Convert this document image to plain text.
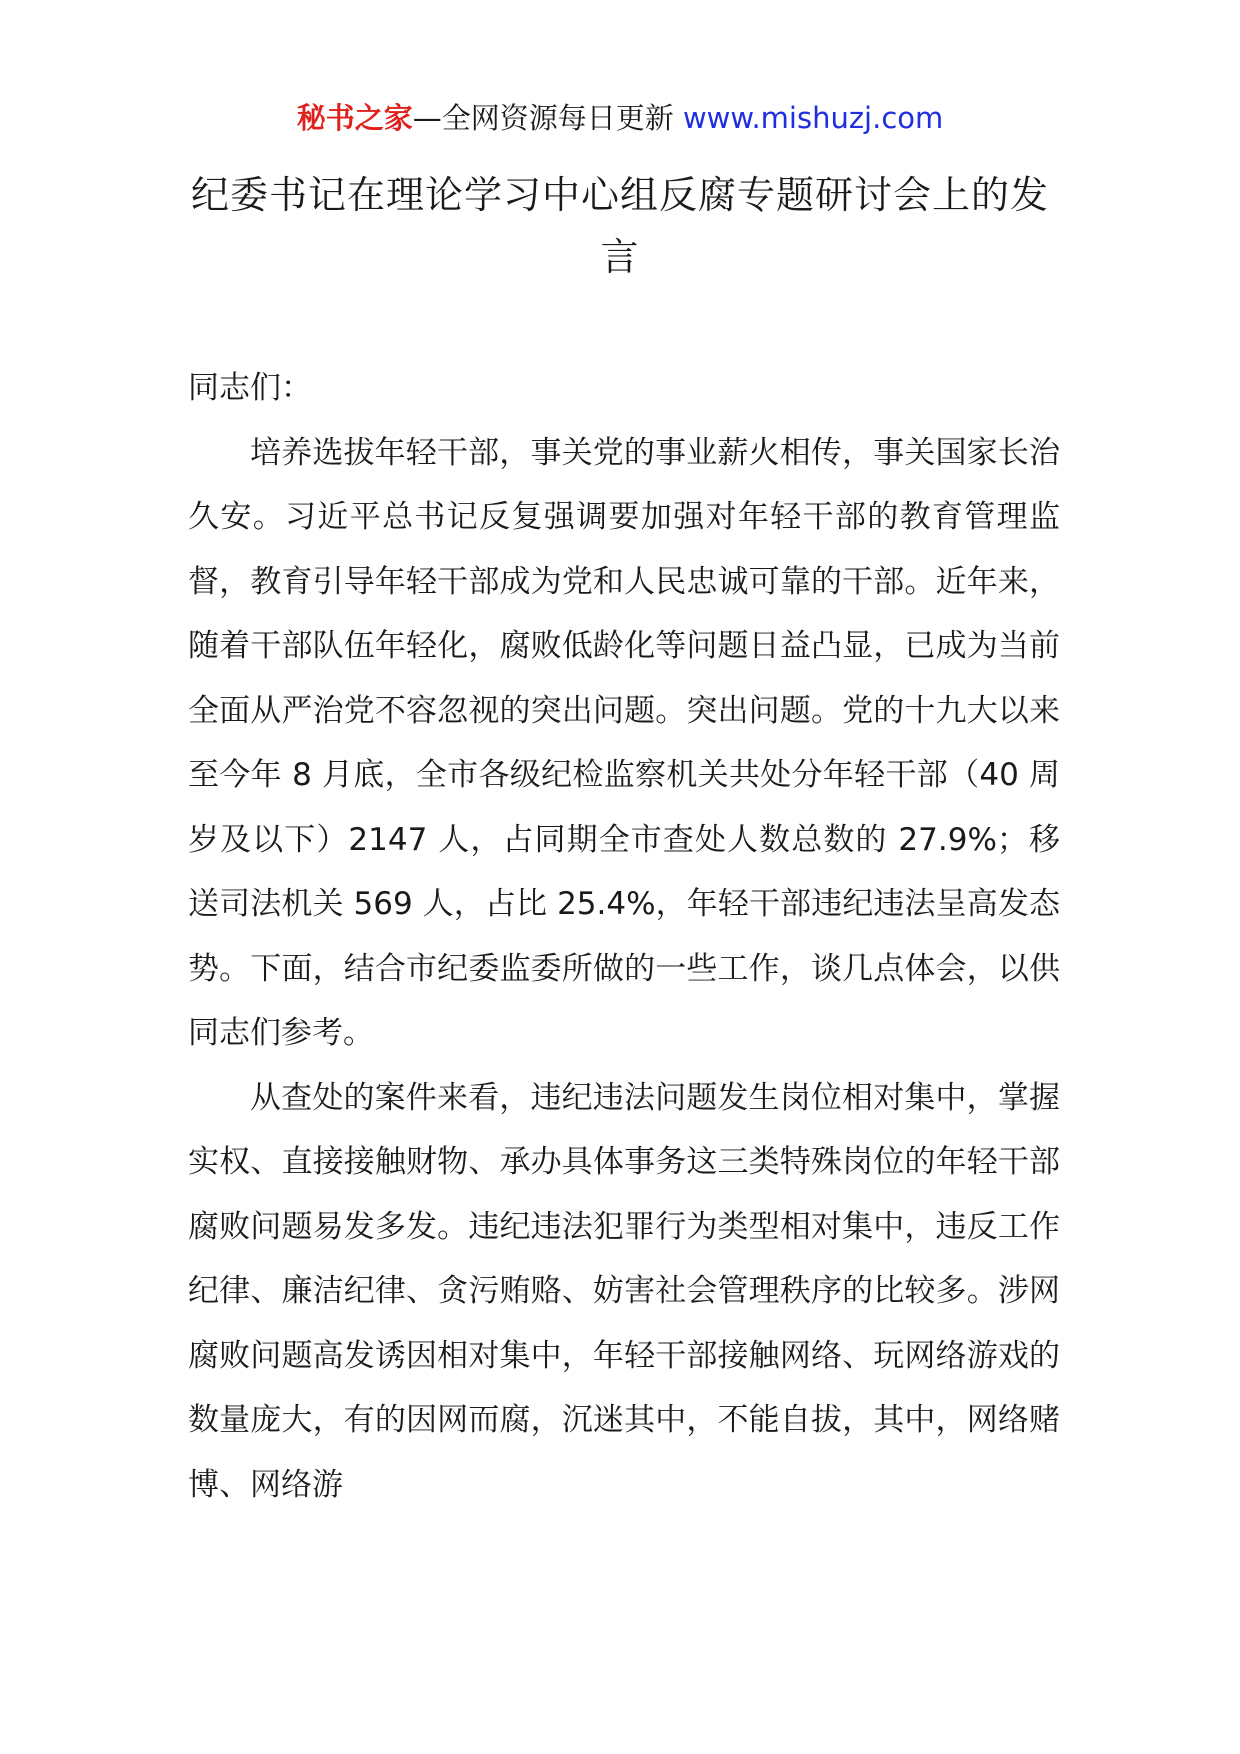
秘书之家—全网资源每日更新 www.mishuzj.com
纪委书记在理论学习中心组反腐专题研讨会上的发言

同志们：

培养选拔年轻干部，事关党的事业薪火相传，事关国家长治久安。习近平总书记反复强调要加强对年轻干部的教育管理监督，教育引导年轻干部成为党和人民忠诚可靠的干部。近年来，随着干部队伍年轻化，腐败低龄化等问题日益凸显，已成为当前全面从严治党不容忽视的突出问题。突出问题。党的十九大以来至今年 8 月底，全市各级纪检监察机关共处分年轻干部（40 周岁及以下）2147 人，占同期全市查处人数总数的 27.9%；移送司法机关 569 人，占比 25.4%，年轻干部违纪违法呈高发态势。下面，结合市纪委监委所做的一些工作，谈几点体会，以供同志们参考。

从查处的案件来看，违纪违法问题发生岗位相对集中，掌握实权、直接接触财物、承办具体事务这三类特殊岗位的年轻干部腐败问题易发多发。违纪违法犯罪行为类型相对集中，违反工作纪律、廉洁纪律、贪污贿赂、妨害社会管理秩序的比较多。涉网腐败问题高发诱因相对集中，年轻干部接触网络、玩网络游戏的数量庞大，有的因网而腐，沉迷其中，不能自拔，其中，网络赌博、网络游
